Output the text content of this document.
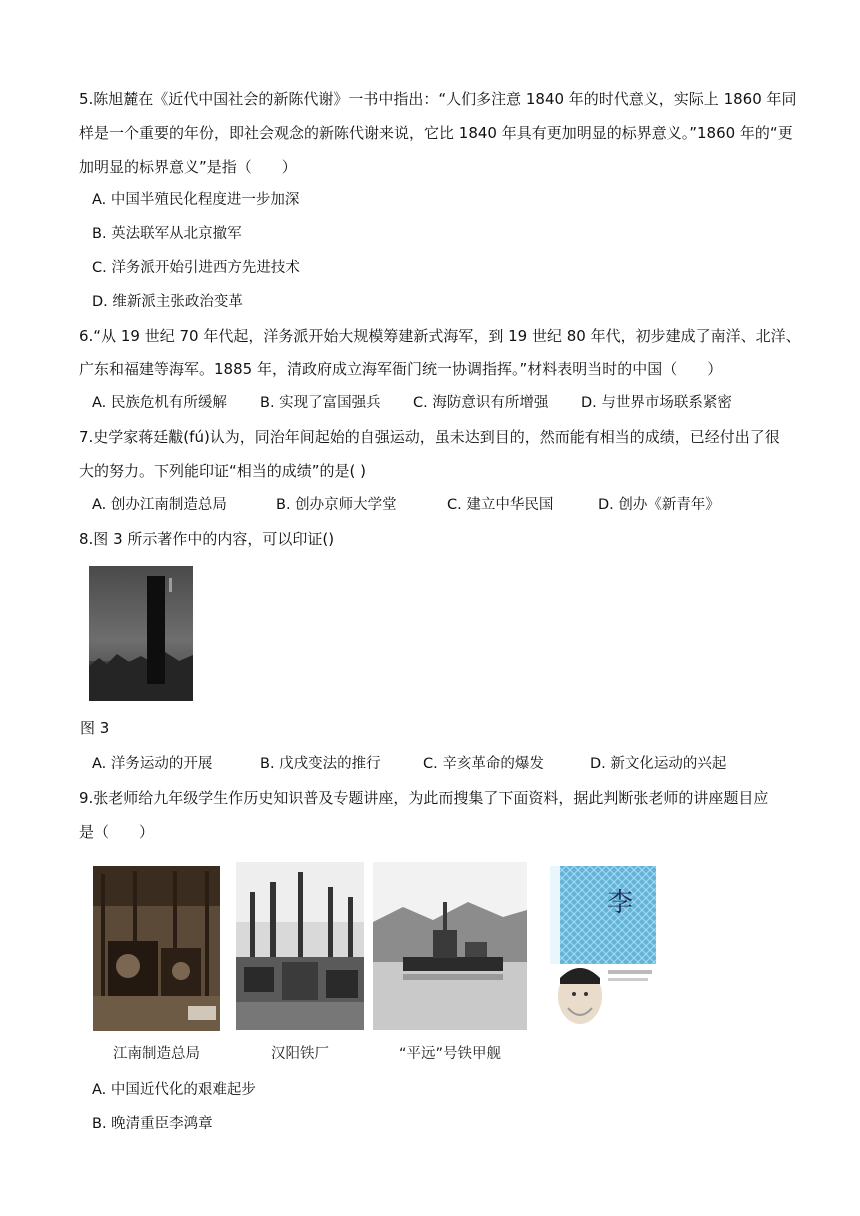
5.陈旭麓在《近代中国社会的新陈代谢》一书中指出：“人们多注意 1840 年的时代意义，实际上 1860 年同
样是一个重要的年份，即社会观念的新陈代谢来说，它比 1840 年具有更加明显的标界意义。”1860 年的“更
加明显的标界意义”是指（　　）
A. 中国半殖民化程度进一步加深
B. 英法联军从北京撤军
C. 洋务派开始引进西方先进技术
D. 维新派主张政治变革
6.“从 19 世纪 70 年代起，洋务派开始大规模筹建新式海军，到 19 世纪 80 年代，初步建成了南洋、北洋、
广东和福建等海军。1885 年，清政府成立海军衙门统一协调指挥。”材料表明当时的中国（　　）
A. 民族危机有所缓解 B. 实现了富国强兵 C. 海防意识有所增强 D. 与世界市场联系紧密
7.史学家蒋廷黻(fú)认为，同治年间起始的自强运动，虽未达到目的，然而能有相当的成绩，已经付出了很
大的努力。下列能印证“相当的成绩”的是( )
A. 创办江南制造总局	B. 创办京师大学堂	C. 建立中华民国	D. 创办《新青年》
8.图 3 所示著作中的内容，可以印证()
图 3
A. 洋务运动的开展	B. 戊戌变法的推行	C. 辛亥革命的爆发	D. 新文化运动的兴起
9.张老师给九年级学生作历史知识普及专题讲座，为此而搜集了下面资料，据此判断张老师的讲座题目应
是（　　）
江南制造总局	汉阳铁厂	“平远”号铁甲舰
李
A. 中国近代化的艰难起步
B. 晚清重臣李鸿章
